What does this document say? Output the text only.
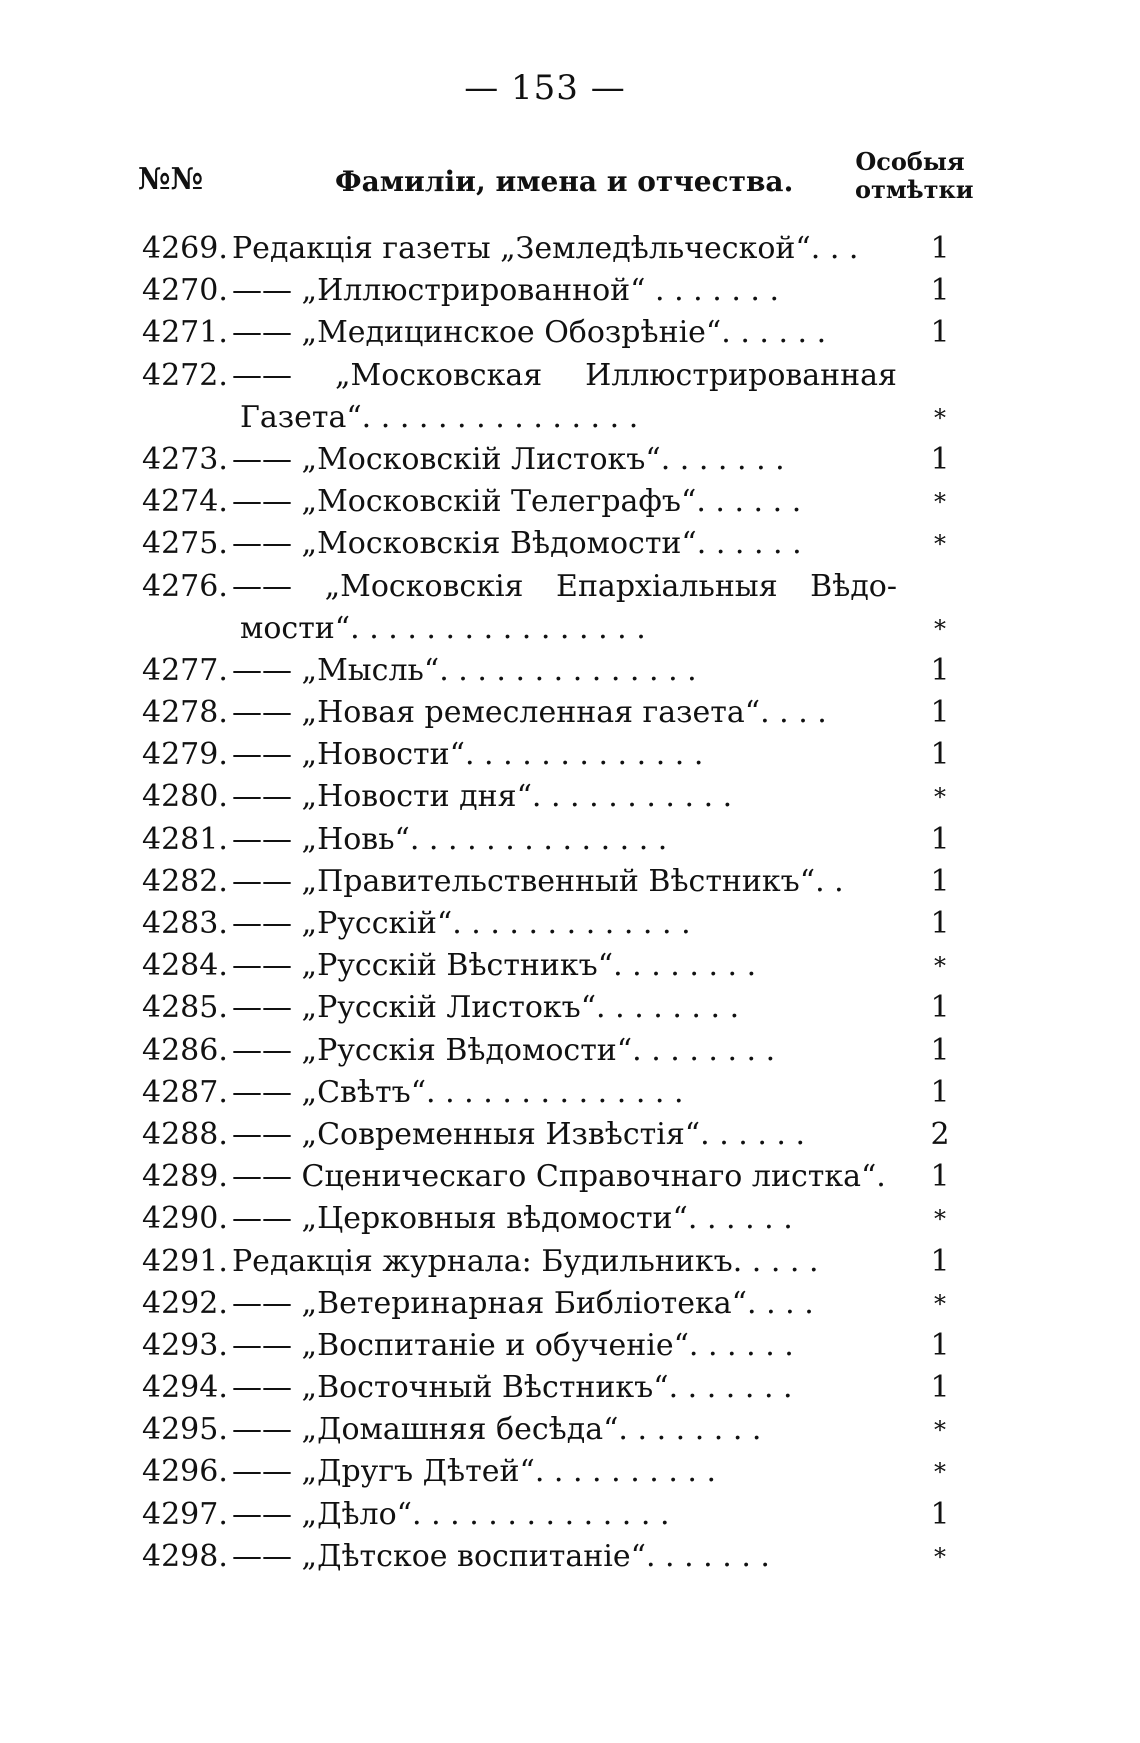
— 153 —
№№	Фамиліи, имена и отчества.
Особыя
отмѣтки
4269. Редакція газеты „Земледѣльческой“. . .	1
4270. —— „Иллюстрированной“ . . . . . . .	1
4271. —— „Медицинское Обозрѣніе“. . . . . .	1
4272. —— „Московская Иллюстрированная
Газета“. . . . . . . . . . . . . . .	*
4273. —— „Московскій Листокъ“. . . . . . .	1
4274. —— „Московскій Телеграфъ“. . . . . .	*
4275. —— „Московскія Вѣдомости“. . . . . .	*
4276. —— „Московскія Епархіальныя Вѣдо-
мости“. . . . . . . . . . . . . . . .	*
4277. —— „Мысль“. . . . . . . . . . . . . .	1
4278. —— „Новая ремесленная газета“. . . .	1
4279. —— „Новости“. . . . . . . . . . . . .	1
4280. —— „Новости дня“. . . . . . . . . . .	*
4281. —— „Новь“. . . . . . . . . . . . . .	1
4282. —— „Правительственный Вѣстникъ“. .	1
4283. —— „Русскій“. . . . . . . . . . . . .	1
4284. —— „Русскій Вѣстникъ“. . . . . . . .	*
4285. —— „Русскій Листокъ“. . . . . . . .	1
4286. —— „Русскія Вѣдомости“. . . . . . . .	1
4287. —— „Свѣтъ“. . . . . . . . . . . . . .	1
4288. —— „Современныя Извѣстія“. . . . . .	2
4289. —— Сценическаго Справочнаго листка“.	1
4290. —— „Церковныя вѣдомости“. . . . . .	*
4291. Редакція журнала: Будильникъ. . . . .	1
4292. —— „Ветеринарная Библіотека“. . . .	*
4293. —— „Воспитаніе и обученіе“. . . . . .	1
4294. —— „Восточный Вѣстникъ“. . . . . . .	1
4295. —— „Домашняя бесѣда“. . . . . . . .	*
4296. —— „Другъ Дѣтей“. . . . . . . . . .	*
4297. —— „Дѣло“. . . . . . . . . . . . . .	1
4298. —— „Дѣтское воспитаніе“. . . . . . .	*
